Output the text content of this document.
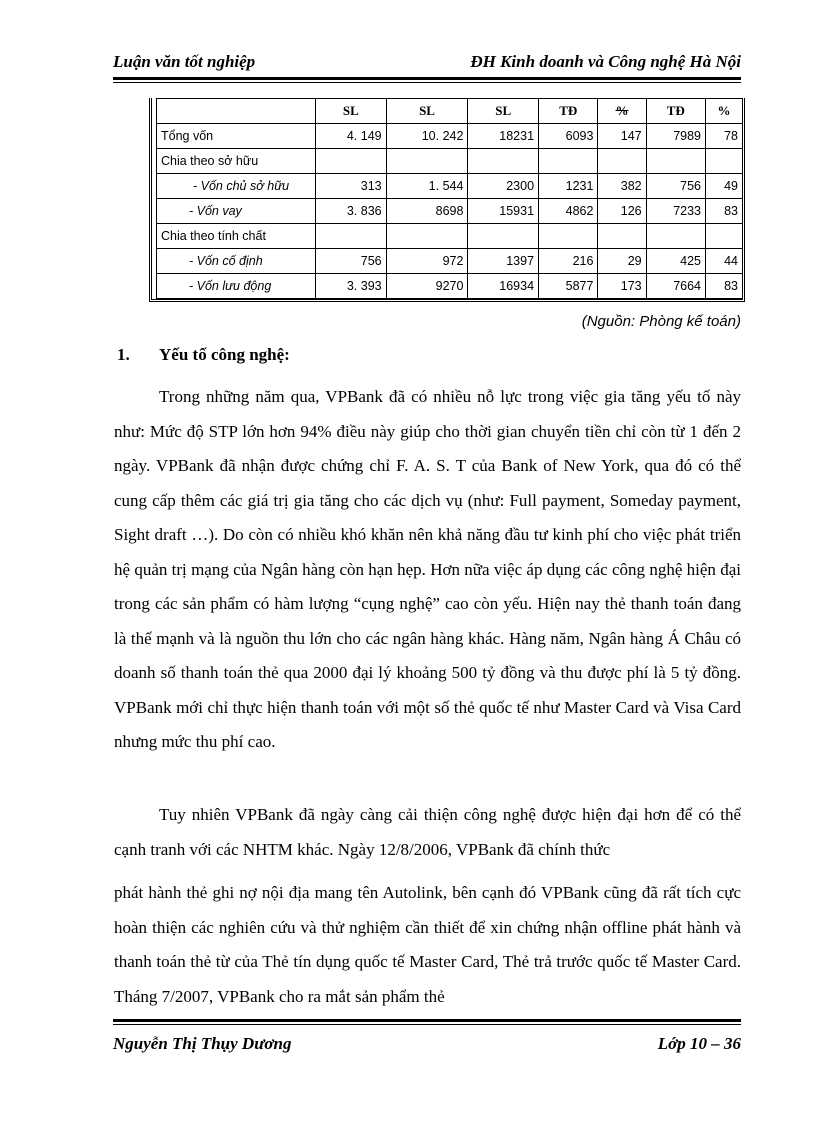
Luận văn tốt nghiệp	ĐH Kinh doanh và Công nghệ Hà Nội
	SL	SL	SL	TĐ	%	TĐ	%
Tổng vốn	4. 149	10. 242	18231	6093	147	7989	78
Chia theo sở hữu							
- Vốn chủ sở hữu	313	1. 544	2300	1231	382	756	49
- Vốn vay	3. 836	8698	15931	4862	126	7233	83
Chia theo tính chất							
- Vốn cố định	756	972	1397	216	29	425	44
- Vốn lưu động	3. 393	9270	16934	5877	173	7664	83
(Nguồn: Phòng kế toán)
1. Yếu tố công nghệ:
Trong những năm qua, VPBank đã có nhiều nỗ lực trong việc gia tăng yếu tố này như: Mức độ STP lớn hơn 94% điều này giúp cho thời gian chuyển tiền chỉ còn từ 1 đến 2 ngày. VPBank đã nhận được chứng chỉ F. A. S. T của Bank of New York, qua đó có thể cung cấp thêm các giá trị gia tăng cho các dịch vụ (như: Full payment, Someday payment, Sight draft …). Do còn có nhiều khó khăn nên khả năng đầu tư kinh phí cho việc phát triển hệ quản trị mạng của Ngân hàng còn hạn hẹp. Hơn nữa việc áp dụng các công nghệ hiện đại trong các sản phẩm có hàm lượng “cụng nghệ” cao còn yếu. Hiện nay thẻ thanh toán đang là thế mạnh và là nguồn thu lớn cho các ngân hàng khác. Hàng năm, Ngân hàng Á Châu có doanh số thanh toán thẻ qua 2000 đại lý khoảng 500 tỷ đồng và thu được phí là 5 tỷ đồng. VPBank mới chỉ thực hiện thanh toán với một số thẻ quốc tế như Master Card và Visa Card nhưng mức thu phí cao.
Tuy nhiên VPBank đã ngày càng cải thiện công nghệ được hiện đại hơn để có thể cạnh tranh với các NHTM khác. Ngày 12/8/2006, VPBank đã chính thức
phát hành thẻ ghi nợ nội địa mang tên Autolink, bên cạnh đó VPBank cũng đã rất tích cực hoàn thiện các nghiên cứu và thử nghiệm cần thiết để xin chứng nhận offline phát hành và thanh toán thẻ từ của Thẻ tín dụng quốc tế Master Card, Thẻ trả trước quốc tế Master Card. Tháng 7/2007, VPBank cho ra mắt sản phẩm thẻ
Nguyễn Thị Thụy Dương	Lớp 10 – 36
